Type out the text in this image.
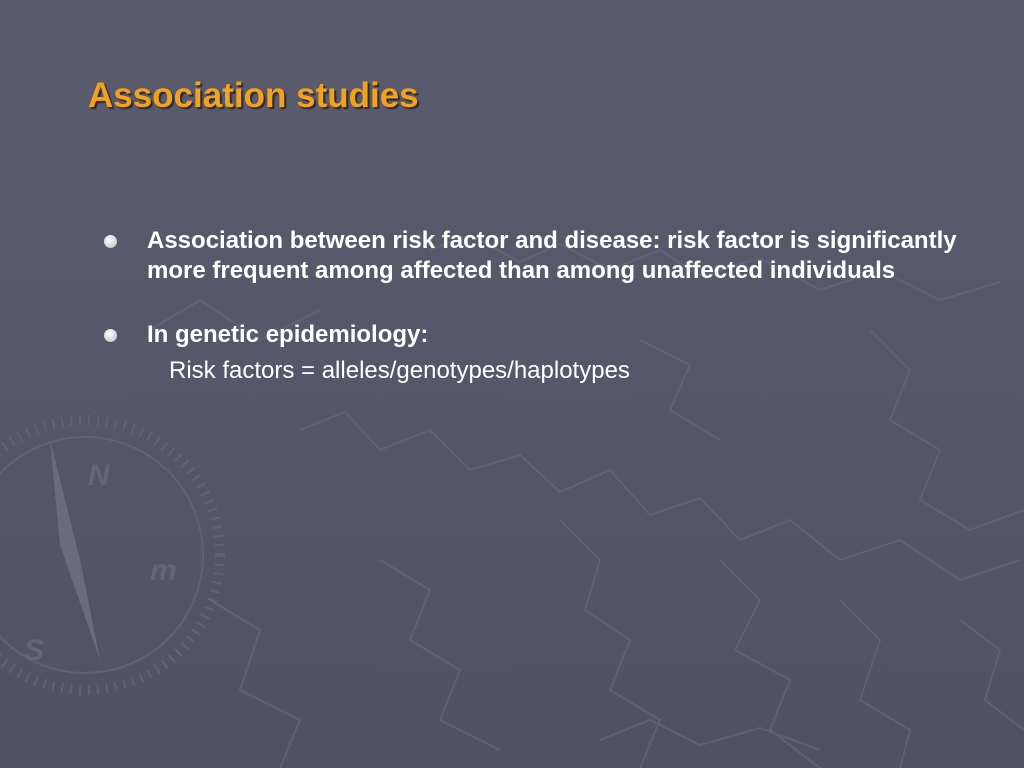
N
S
m
Association studies
Association between risk factor and disease: risk factor is significantly more frequent among affected than among unaffected individuals
In genetic epidemiology:
Risk factors = alleles/genotypes/haplotypes
